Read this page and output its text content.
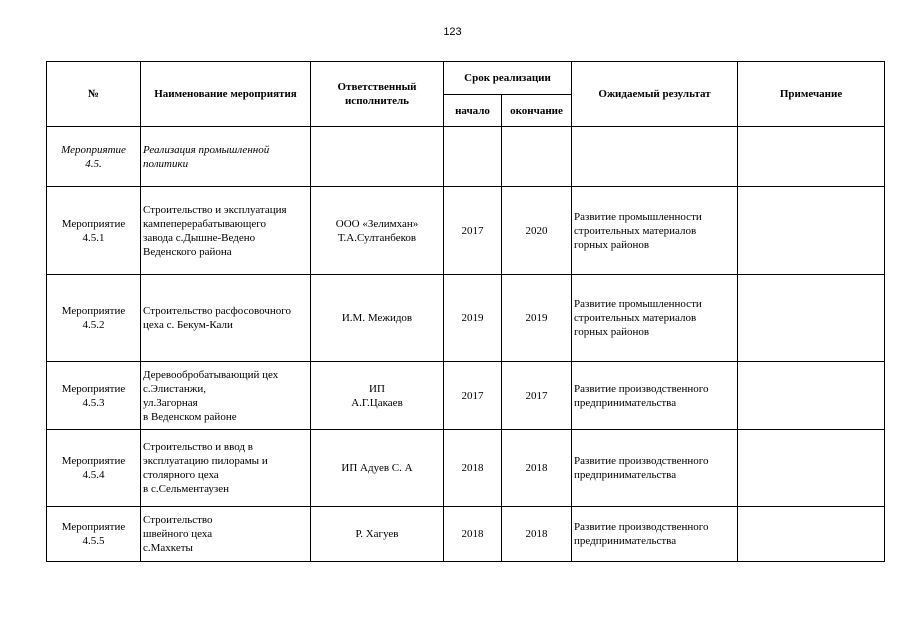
123
№	Наименование мероприятия	Ответственный исполнитель	Срок реализации		Ожидаемый результат	Примечание
			начало	окончание		

Мероприятие
4.5.	Реализация промышленной
политики					

Мероприятие
4.5.1	Строительство и эксплуатация
кампеперерабатывающего
завода с.Дышне-Ведено
Веденского района	ООО «Зелимхан»
Т.А.Султанбеков	2017	2020	Развитие промышленности
строительных материалов
горных районов	

Мероприятие
4.5.2	Строительство расфосовочного
цеха с. Бекум-Кали	И.М. Межидов	2019	2019	Развитие промышленности
строительных материалов
горных районов	

Мероприятие
4.5.3	Деревообробатывающий цех
с.Элистанжи,
ул.Загорная
в Веденском районе	ИП
А.Г.Цакаев	2017	2017	Развитие производственного
предпринимательства	

Мероприятие
4.5.4	Строительство и ввод в
эксплуатацию пилорамы и
столярного цеха
в с.Сельментаузен	ИП Адуев С. А	2018	2018	Развитие производственного
предпринимательства	

Мероприятие
4.5.5	Строительство
швейного цеха
с.Махкеты	Р. Хагуев	2018	2018	Развитие производственного
предпринимательства	
